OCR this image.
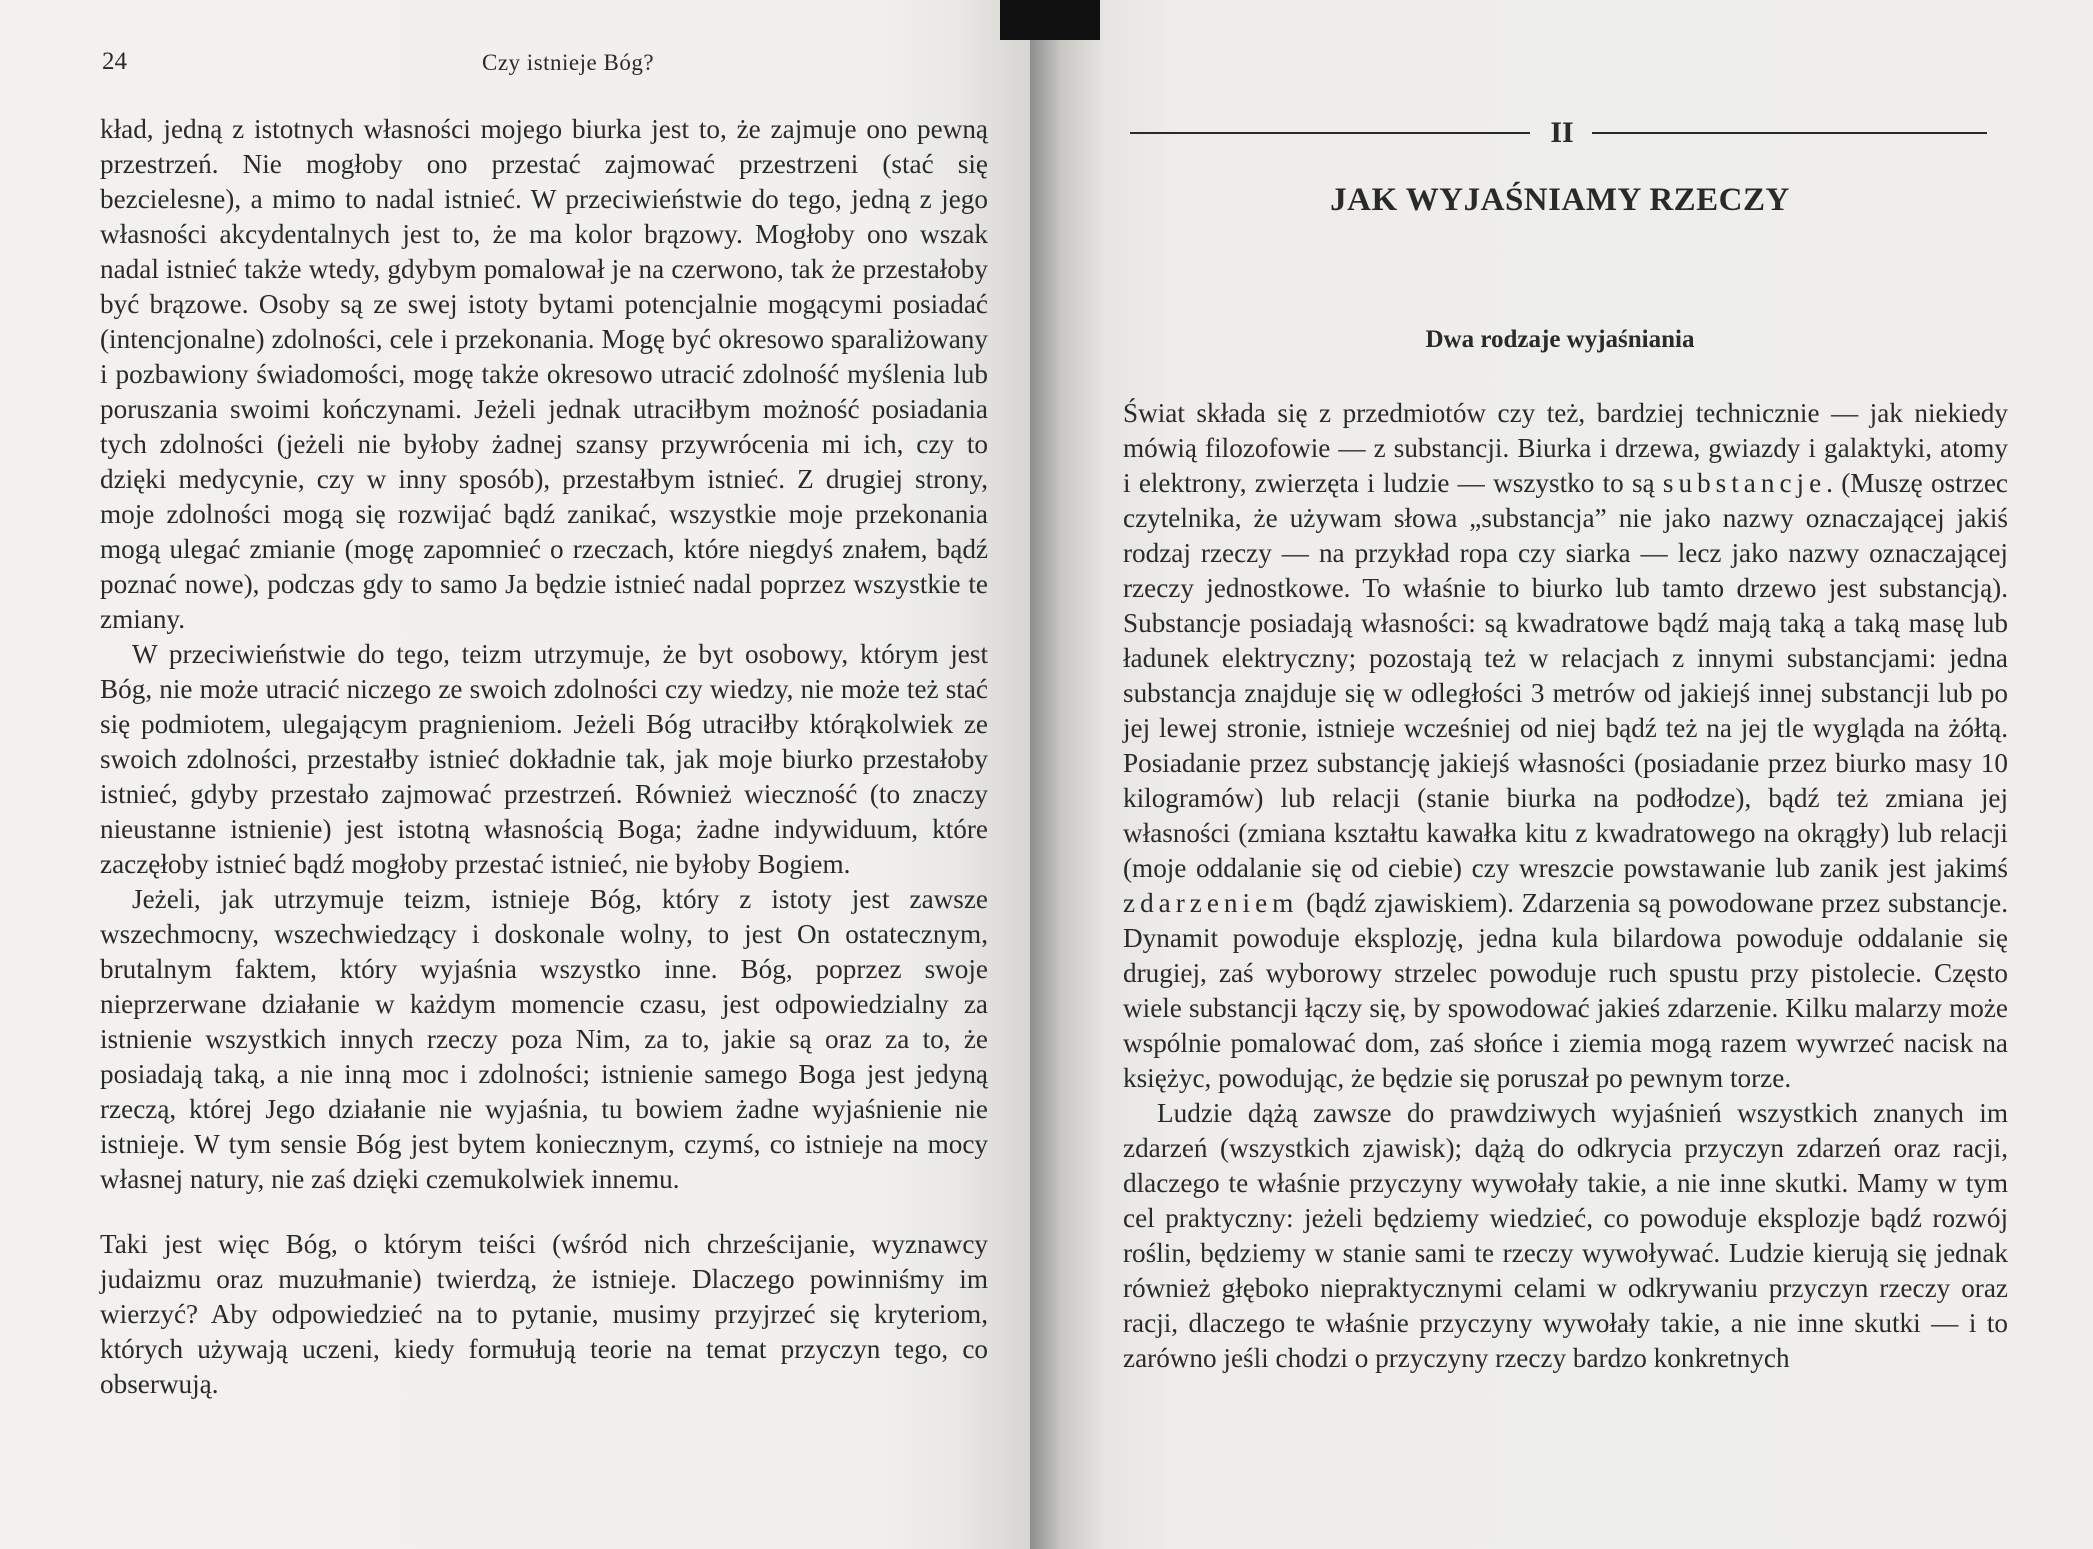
24	Czy istnieje Bóg?

kład, jedną z istotnych własności mojego biurka jest to, że zajmuje ono pewną przestrzeń. Nie mogłoby ono przestać zajmować przestrzeni (stać się bezcielesne), a mimo to nadal istnieć. W przeciwieństwie do tego, jedną z jego własności akcydentalnych jest to, że ma kolor brązowy. Mogłoby ono wszak nadal istnieć także wtedy, gdybym pomalował je na czerwono, tak że przestałoby być brązowe. Osoby są ze swej istoty bytami potencjalnie mogącymi posiadać (intencjonalne) zdolności, cele i przekonania. Mogę być okresowo sparaliżowany i pozbawiony świadomości, mogę także okresowo utracić zdolność myślenia lub poruszania swoimi kończynami. Jeżeli jednak utraciłbym możność posiadania tych zdolności (jeżeli nie byłoby żadnej szansy przywrócenia mi ich, czy to dzięki medycynie, czy w inny sposób), przestałbym istnieć. Z drugiej strony, moje zdolności mogą się rozwijać bądź zanikać, wszystkie moje przekonania mogą ulegać zmianie (mogę zapomnieć o rzeczach, które niegdyś znałem, bądź poznać nowe), podczas gdy to samo Ja będzie istnieć nadal poprzez wszystkie te zmiany.

W przeciwieństwie do tego, teizm utrzymuje, że byt osobowy, którym jest Bóg, nie może utracić niczego ze swoich zdolności czy wiedzy, nie może też stać się podmiotem, ulegającym pragnieniom. Jeżeli Bóg utraciłby którąkolwiek ze swoich zdolności, przestałby istnieć dokładnie tak, jak moje biurko przestałoby istnieć, gdyby przestało zajmować przestrzeń. Również wieczność (to znaczy nieustanne istnienie) jest istotną własnością Boga; żadne indywiduum, które zaczęłoby istnieć bądź mogłoby przestać istnieć, nie byłoby Bogiem.

Jeżeli, jak utrzymuje teizm, istnieje Bóg, który z istoty jest zawsze wszechmocny, wszechwiedzący i doskonale wolny, to jest On ostatecznym, brutalnym faktem, który wyjaśnia wszystko inne. Bóg, poprzez swoje nieprzerwane działanie w każdym momencie czasu, jest odpowiedzialny za istnienie wszystkich innych rzeczy poza Nim, za to, jakie są oraz za to, że posiadają taką, a nie inną moc i zdolności; istnienie samego Boga jest jedyną rzeczą, której Jego działanie nie wyjaśnia, tu bowiem żadne wyjaśnienie nie istnieje. W tym sensie Bóg jest bytem koniecznym, czymś, co istnieje na mocy własnej natury, nie zaś dzięki czemukolwiek innemu.

Taki jest więc Bóg, o którym teiści (wśród nich chrześcijanie, wyznawcy judaizmu oraz muzułmanie) twierdzą, że istnieje. Dlaczego powinniśmy im wierzyć? Aby odpowiedzieć na to pytanie, musimy przyjrzeć się kryteriom, których używają uczeni, kiedy formułują teorie na temat przyczyn tego, co obserwują.

II
JAK WYJAŚNIAMY RZECZY
Dwa rodzaje wyjaśniania

Świat składa się z przedmiotów czy też, bardziej technicznie — jak niekiedy mówią filozofowie — z substancji. Biurka i drzewa, gwiazdy i galaktyki, atomy i elektrony, zwierzęta i ludzie — wszystko to są substancje. (Muszę ostrzec czytelnika, że używam słowa „substancja” nie jako nazwy oznaczającej jakiś rodzaj rzeczy — na przykład ropa czy siarka — lecz jako nazwy oznaczającej rzeczy jednostkowe. To właśnie to biurko lub tamto drzewo jest substancją). Substancje posiadają własności: są kwadratowe bądź mają taką a taką masę lub ładunek elektryczny; pozostają też w relacjach z innymi substancjami: jedna substancja znajduje się w odległości 3 metrów od jakiejś innej substancji lub po jej lewej stronie, istnieje wcześniej od niej bądź też na jej tle wygląda na żółtą. Posiadanie przez substancję jakiejś własności (posiadanie przez biurko masy 10 kilogramów) lub relacji (stanie biurka na podłodze), bądź też zmiana jej własności (zmiana kształtu kawałka kitu z kwadratowego na okrągły) lub relacji (moje oddalanie się od ciebie) czy wreszcie powstawanie lub zanik jest jakimś zdarzeniem (bądź zjawiskiem). Zdarzenia są powodowane przez substancje. Dynamit powoduje eksplozję, jedna kula bilardowa powoduje oddalanie się drugiej, zaś wyborowy strzelec powoduje ruch spustu przy pistolecie. Często wiele substancji łączy się, by spowodować jakieś zdarzenie. Kilku malarzy może wspólnie pomalować dom, zaś słońce i ziemia mogą razem wywrzeć nacisk na księżyc, powodując, że będzie się poruszał po pewnym torze.

Ludzie dążą zawsze do prawdziwych wyjaśnień wszystkich znanych im zdarzeń (wszystkich zjawisk); dążą do odkrycia przyczyn zdarzeń oraz racji, dlaczego te właśnie przyczyny wywołały takie, a nie inne skutki. Mamy w tym cel praktyczny: jeżeli będziemy wiedzieć, co powoduje eksplozje bądź rozwój roślin, będziemy w stanie sami te rzeczy wywoływać. Ludzie kierują się jednak również głęboko niepraktycznymi celami w odkrywaniu przyczyn rzeczy oraz racji, dlaczego te właśnie przyczyny wywołały takie, a nie inne skutki — i to zarówno jeśli chodzi o przyczyny rzeczy bardzo konkretnych
